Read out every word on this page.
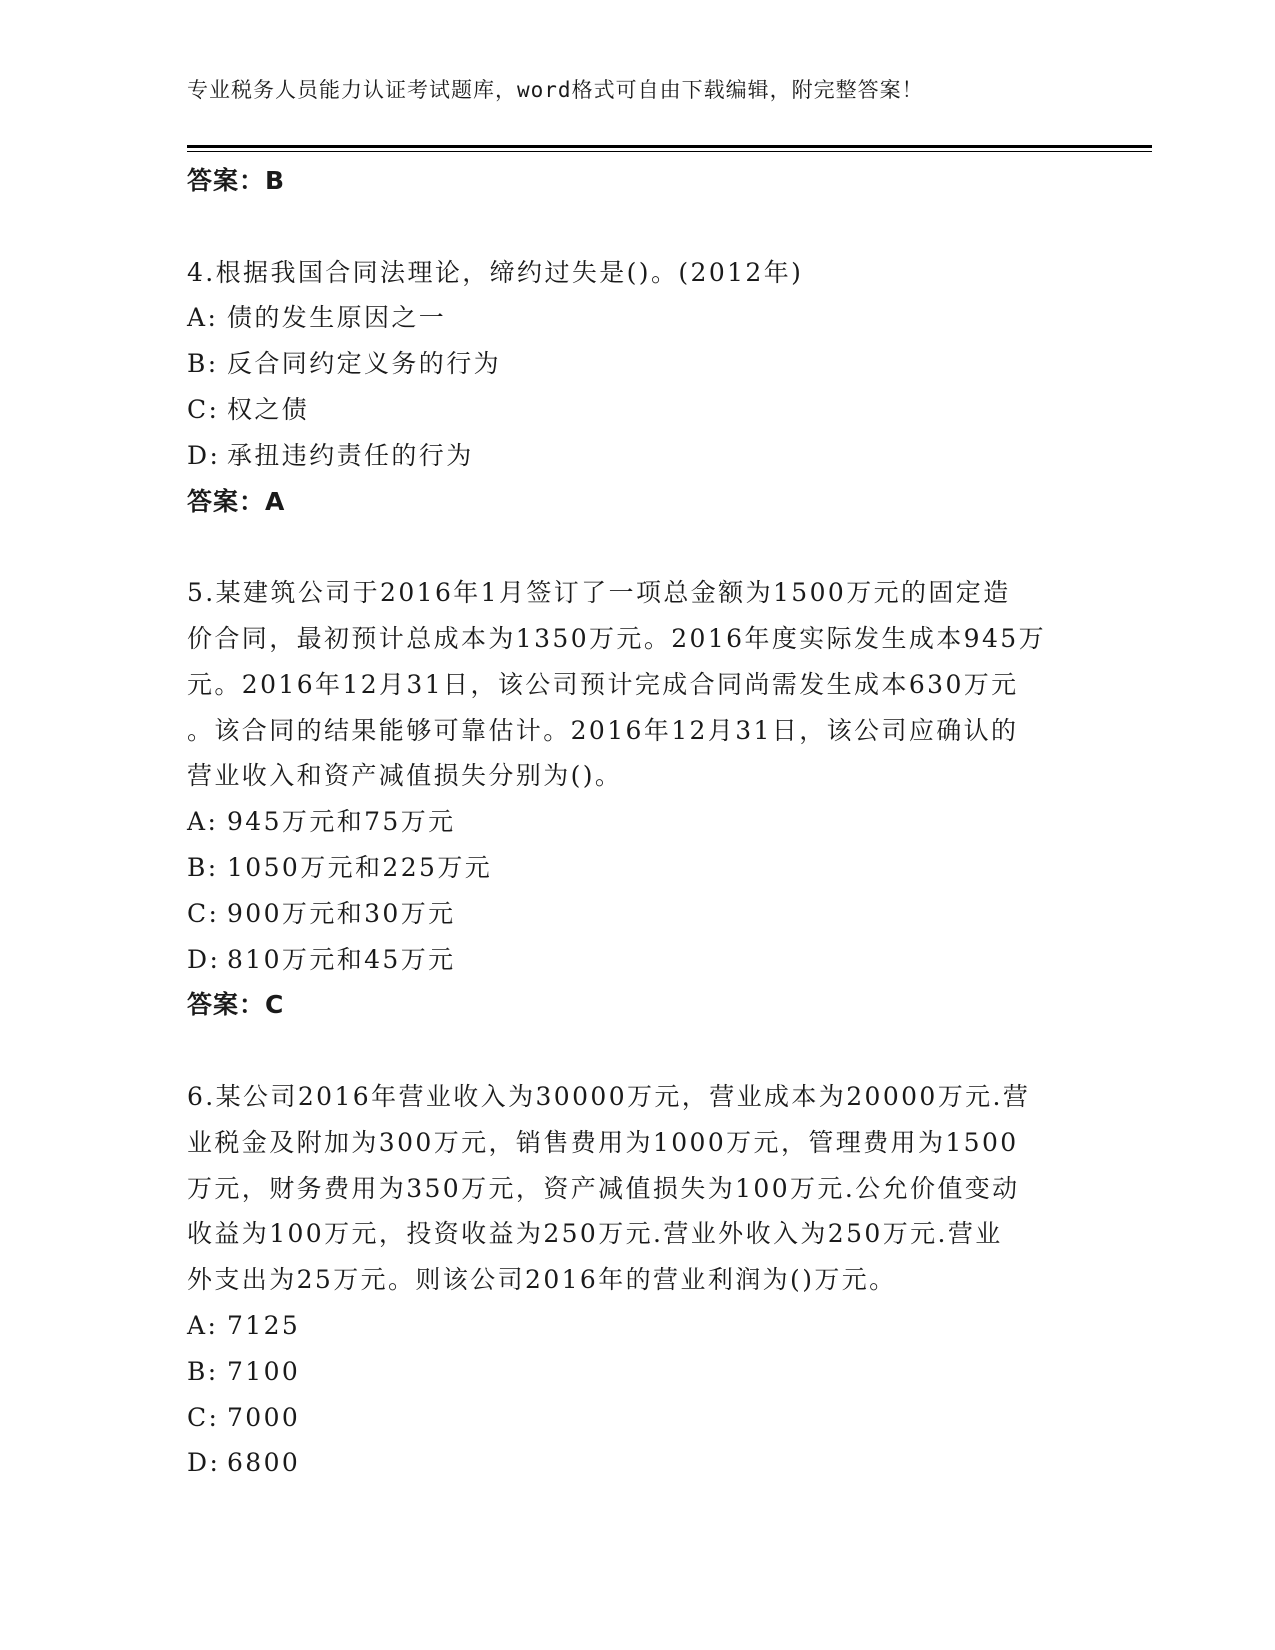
专业税务人员能力认证考试题库，word格式可自由下载编辑，附完整答案！
答案：B
4.根据我国合同法理论，缔约过失是()。(2012年)
A: 债的发生原因之一
B: 反合同约定义务的行为
C: 权之债
D: 承扭违约责任的行为
答案：A
5.某建筑公司于2016年1月签订了一项总金额为1500万元的固定造
价合同，最初预计总成本为1350万元。2016年度实际发生成本945万
元。2016年12月31日，该公司预计完成合同尚需发生成本630万元
。该合同的结果能够可靠估计。2016年12月31日，该公司应确认的
营业收入和资产减值损失分别为()。
A: 945万元和75万元
B: 1050万元和225万元
C: 900万元和30万元
D: 810万元和45万元
答案：C
6.某公司2016年营业收入为30000万元，营业成本为20000万元.营
业税金及附加为300万元，销售费用为1000万元，管理费用为1500
万元，财务费用为350万元，资产减值损失为100万元.公允价值变动
收益为100万元，投资收益为250万元.营业外收入为250万元.营业
外支出为25万元。则该公司2016年的营业利润为()万元。
A: 7125
B: 7100
C: 7000
D: 6800
